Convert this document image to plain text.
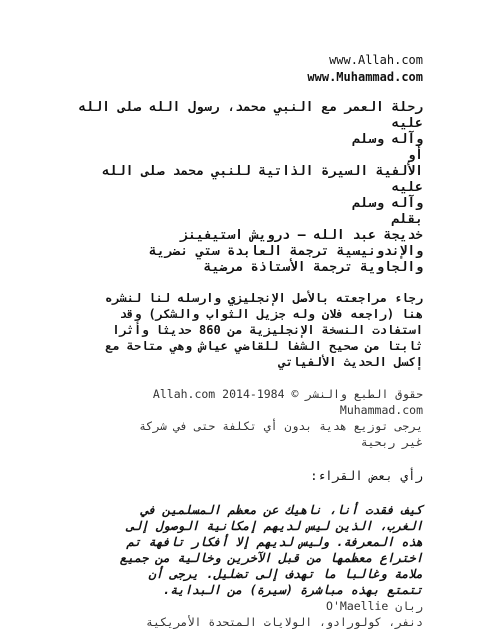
www.Allah.com
www.Muhammad.com
رحلة العمر مع النبي محمد، رسول الله صلى الله عليه
وآله وسلم
أو
الألفية السيرة الذاتية للنبي محمد صلى الله عليه
وآله وسلم
بقلم
خديجة عبد الله – درويش استيفينز
والإندونيسية ترجمة العابدة ستي نضرية
والجاوية ترجمة الأستاذة مرضية
رجاء مراجعته بالأصل الإنجليزي وارسله لنا لنشره
هنا (راجعه فلان وله جزيل الثواب والشكر) وقد
استفادت النسخة الإنجليزية من 860 حديثا وأثرا
ثابتا من صحيح الشفا للقاضي عياش وهي متاحة مع
إكسل الحديث الألفياتي
حقوق الطبع والنشر © 1984-2014 Allah.com
Muhammad.com
يرجى توزيع هدية بدون أي تكلفة حتى في شركة
غير ربحية
رأي بعض القراء:
كيف فقدت أنا، ناهيك عن معظم المسلمين في
الغرب، الذين ليس لديهم إمكانية الوصول إلى
هذه المعرفة. وليس لديهم إلا أفكار تافهة تم
اختراع معظمها من قبل الآخرين وخالية من جميع
ملامة وغالبا ما تهدف إلى تضليل. يرجى أن
تتمتع بهذه مباشرة (سيرة) من البداية.
ربان O'Maellie
دنفر، كولورادو، الولايات المتحدة الأمريكية
